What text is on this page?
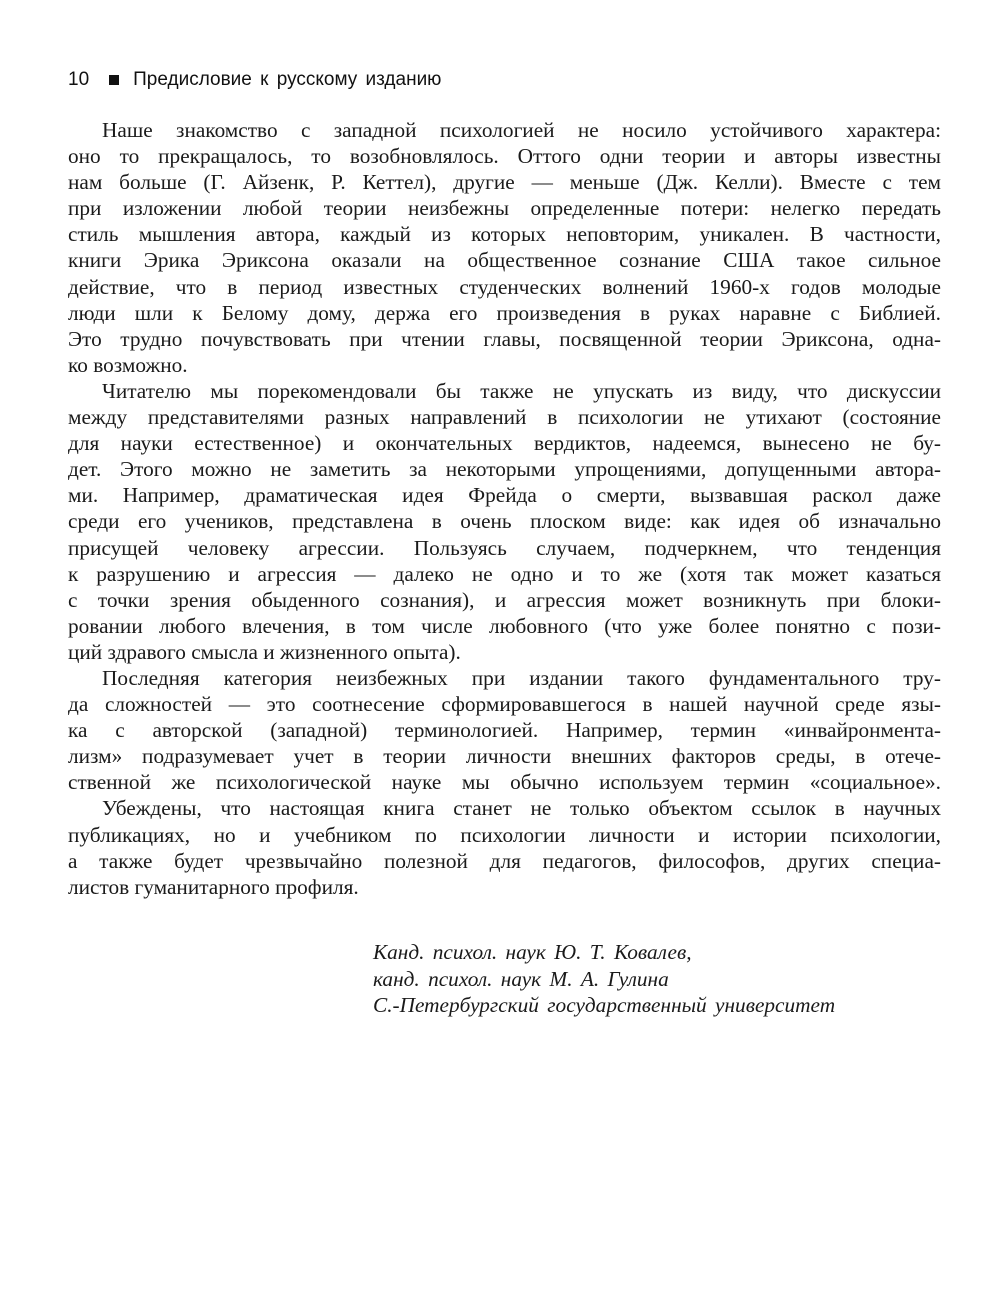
10 Предисловие к русскому изданию
Наше знакомство с западной психологией не носило устойчивого характера:
оно то прекращалось, то возобновлялось. Оттого одни теории и авторы известны
нам больше (Г. Айзенк, Р. Кеттел), другие — меньше (Дж. Келли). Вместе с тем
при изложении любой теории неизбежны определенные потери: нелегко передать
стиль мышления автора, каждый из которых неповторим, уникален. В частности,
книги Эрика Эриксона оказали на общественное сознание США такое сильное
действие, что в период известных студенческих волнений 1960-х годов молодые
люди шли к Белому дому, держа его произведения в руках наравне с Библией.
Это трудно почувствовать при чтении главы, посвященной теории Эриксона, одна-
ко возможно.
Читателю мы порекомендовали бы также не упускать из виду, что дискуссии
между представителями разных направлений в психологии не утихают (состояние
для науки естественное) и окончательных вердиктов, надеемся, вынесено не бу-
дет. Этого можно не заметить за некоторыми упрощениями, допущенными автора-
ми. Например, драматическая идея Фрейда о смерти, вызвавшая раскол даже
среди его учеников, представлена в очень плоском виде: как идея об изначально
присущей человеку агрессии. Пользуясь случаем, подчеркнем, что тенденция
к разрушению и агрессия — далеко не одно и то же (хотя так может казаться
с точки зрения обыденного сознания), и агрессия может возникнуть при блоки-
ровании любого влечения, в том числе любовного (что уже более понятно с пози-
ций здравого смысла и жизненного опыта).
Последняя категория неизбежных при издании такого фундаментального тру-
да сложностей — это соотнесение сформировавшегося в нашей научной среде язы-
ка с авторской (западной) терминологией. Например, термин «инвайронмента-
лизм» подразумевает учет в теории личности внешних факторов среды, в отече-
ственной же психологической науке мы обычно используем термин «социальное».
Убеждены, что настоящая книга станет не только объектом ссылок в научных
публикациях, но и учебником по психологии личности и истории психологии,
а также будет чрезвычайно полезной для педагогов, философов, других специа-
листов гуманитарного профиля.
Канд. психол. наук Ю. Т. Ковалев,
канд. психол. наук М. А. Гулина
С.-Петербургский государственный университет
